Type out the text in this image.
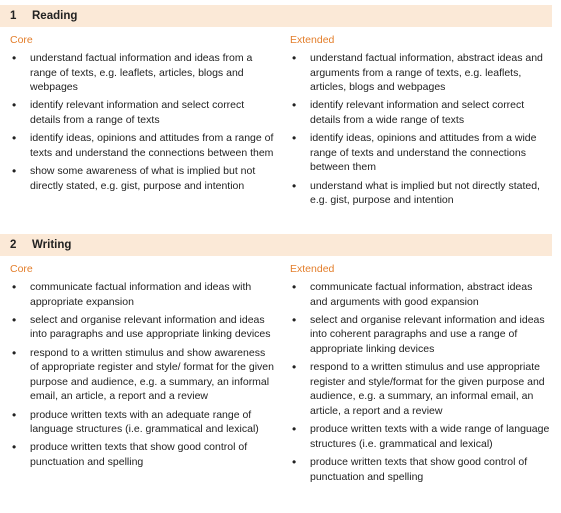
1	Reading
Core
• understand factual information and ideas from a range of texts, e.g. leaflets, articles, blogs and webpages
• identify relevant information and select correct details from a range of texts
• identify ideas, opinions and attitudes from a range of texts and understand the connections between them
• show some awareness of what is implied but not directly stated, e.g. gist, purpose and intention
Extended
• understand factual information, abstract ideas and arguments from a range of texts, e.g. leaflets, articles, blogs and webpages
• identify relevant information and select correct details from a wide range of texts
• identify ideas, opinions and attitudes from a wide range of texts and understand the connections between them
• understand what is implied but not directly stated, e.g. gist, purpose and intention
2	Writing
Core
• communicate factual information and ideas with appropriate expansion
• select and organise relevant information and ideas into paragraphs and use appropriate linking devices
• respond to a written stimulus and show awareness of appropriate register and style/ format for the given purpose and audience, e.g. a summary, an informal email, an article, a report and a review
• produce written texts with an adequate range of language structures (i.e. grammatical and lexical)
• produce written texts that show good control of punctuation and spelling
Extended
• communicate factual information, abstract ideas and arguments with good expansion
• select and organise relevant information and ideas into coherent paragraphs and use a range of appropriate linking devices
• respond to a written stimulus and use appropriate register and style/format for the given purpose and audience, e.g. a summary, an informal email, an article, a report and a review
• produce written texts with a wide range of language structures (i.e. grammatical and lexical)
• produce written texts that show good control of punctuation and spelling
